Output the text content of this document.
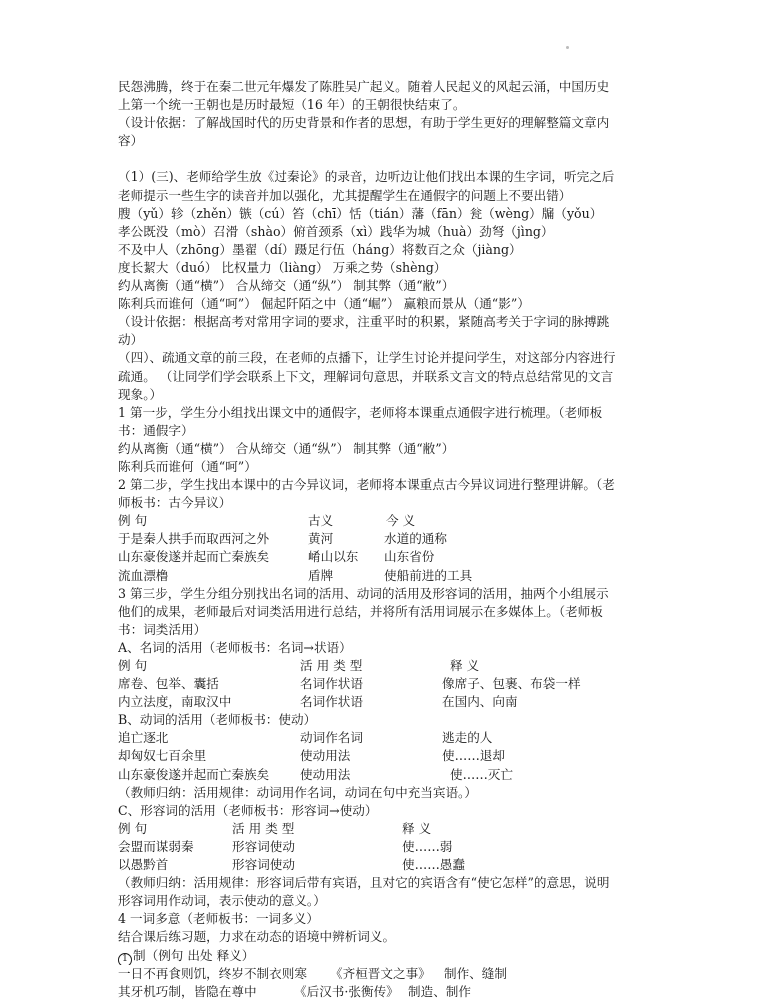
民怨沸腾，终于在秦二世元年爆发了陈胜吴广起义。随着人民起义的风起云涌，中国历史
上第一个统一王朝也是历时最短（16 年）的王朝很快结束了。
（设计依据：了解战国时代的历史背景和作者的思想，有助于学生更好的理解整篇文章内
容）
（1）(三)、老师给学生放《过秦论》的录音，边听边让他们找出本课的生字词，听完之后
老师提示一些生字的读音并加以强化，尤其提醒学生在通假字的问题上不要出错）
膄（yǔ）轸（zhěn）镞（cú）笞（chī）恬（tián）藩（fān）瓮（wèng）牖（yǒu）
孝公既没（mò）召滑（shào）俯首颈系（xì）践华为城（huà）劲弩（jìng）
不及中人（zhōng）墨翟（dí）蹑足行伍（háng）将数百之众（jiàng）
度长絜大（duó） 比权量力（liàng） 万乘之势（shèng）
约从离衡（通“横”） 合从缔交（通“纵”） 制其弊（通“敝”）
陈利兵而谁何（通“呵”） 倔起阡陌之中（通“崛”） 赢粮而景从（通“影”）
（设计依据：根据高考对常用字词的要求，注重平时的积累，紧随高考关于字词的脉搏跳
动）
（四）、疏通文章的前三段，在老师的点播下，让学生讨论并提问学生，对这部分内容进行
疏通。 （让同学们学会联系上下文，理解词句意思，并联系文言文的特点总结常见的文言
现象。）
1 第一步，学生分小组找出课文中的通假字，老师将本课重点通假字进行梳理。（老师板
书：通假字）
约从离衡（通“横”） 合从缔交（通“纵”） 制其弊（通“敝”）
陈利兵而谁何（通“呵”）
2 第二步，学生找出本课中的古今异议词，老师将本课重点古今异议词进行整理讲解。（老
师板书：古今异议）
例 句	古义	今 义
于是秦人拱手而取西河之外	黄河	水道的通称
山东豪俊遂并起而亡秦族矣	崤山以东 山东省份
流血漂橹	盾牌	使船前进的工具
3 第三步，学生分组分别找出名词的活用、动词的活用及形容词的活用，抽两个小组展示
他们的成果，老师最后对词类活用进行总结，并将所有活用词展示在多媒体上。（老师板
书：词类活用）
A、名词的活用（老师板书：名词→状语）
例 句	活 用 类 型	释 义
席卷、包举、囊括	名词作状语	像席子、包裹、布袋一样
内立法度，南取汉中	名词作状语	在国内、向南
B、动词的活用（老师板书：使动）
追亡逐北	动词作名词	逃走的人
却匈奴七百余里	使动用法	使……退却
山东豪俊遂并起而亡秦族矣 使动用法	使……灭亡
（教师归纳：活用规律：动词用作名词，动词在句中充当宾语。）
C、形容词的活用（老师板书：形容词→使动）
例 句	活 用 类 型	释 义
会盟而谋弱秦	形容词使动	使……弱
以愚黔首	形容词使动	使……愚蠢
（教师归纳：活用规律：形容词后带有宾语，且对它的宾语含有“使它怎样”的意思，说明
形容词用作动词，表示使动的意义。）
4 一词多意（老师板书：一词多义）
结合课后练习题，力求在动态的语境中辨析词义。
1 制（例句 出处 释义）
一日不再食则饥，终岁不制衣则寒 《齐桓晋文之事》 制作、缝制
其牙机巧制，皆隐在尊中	《后汉书·张衡传》 制造、制作
